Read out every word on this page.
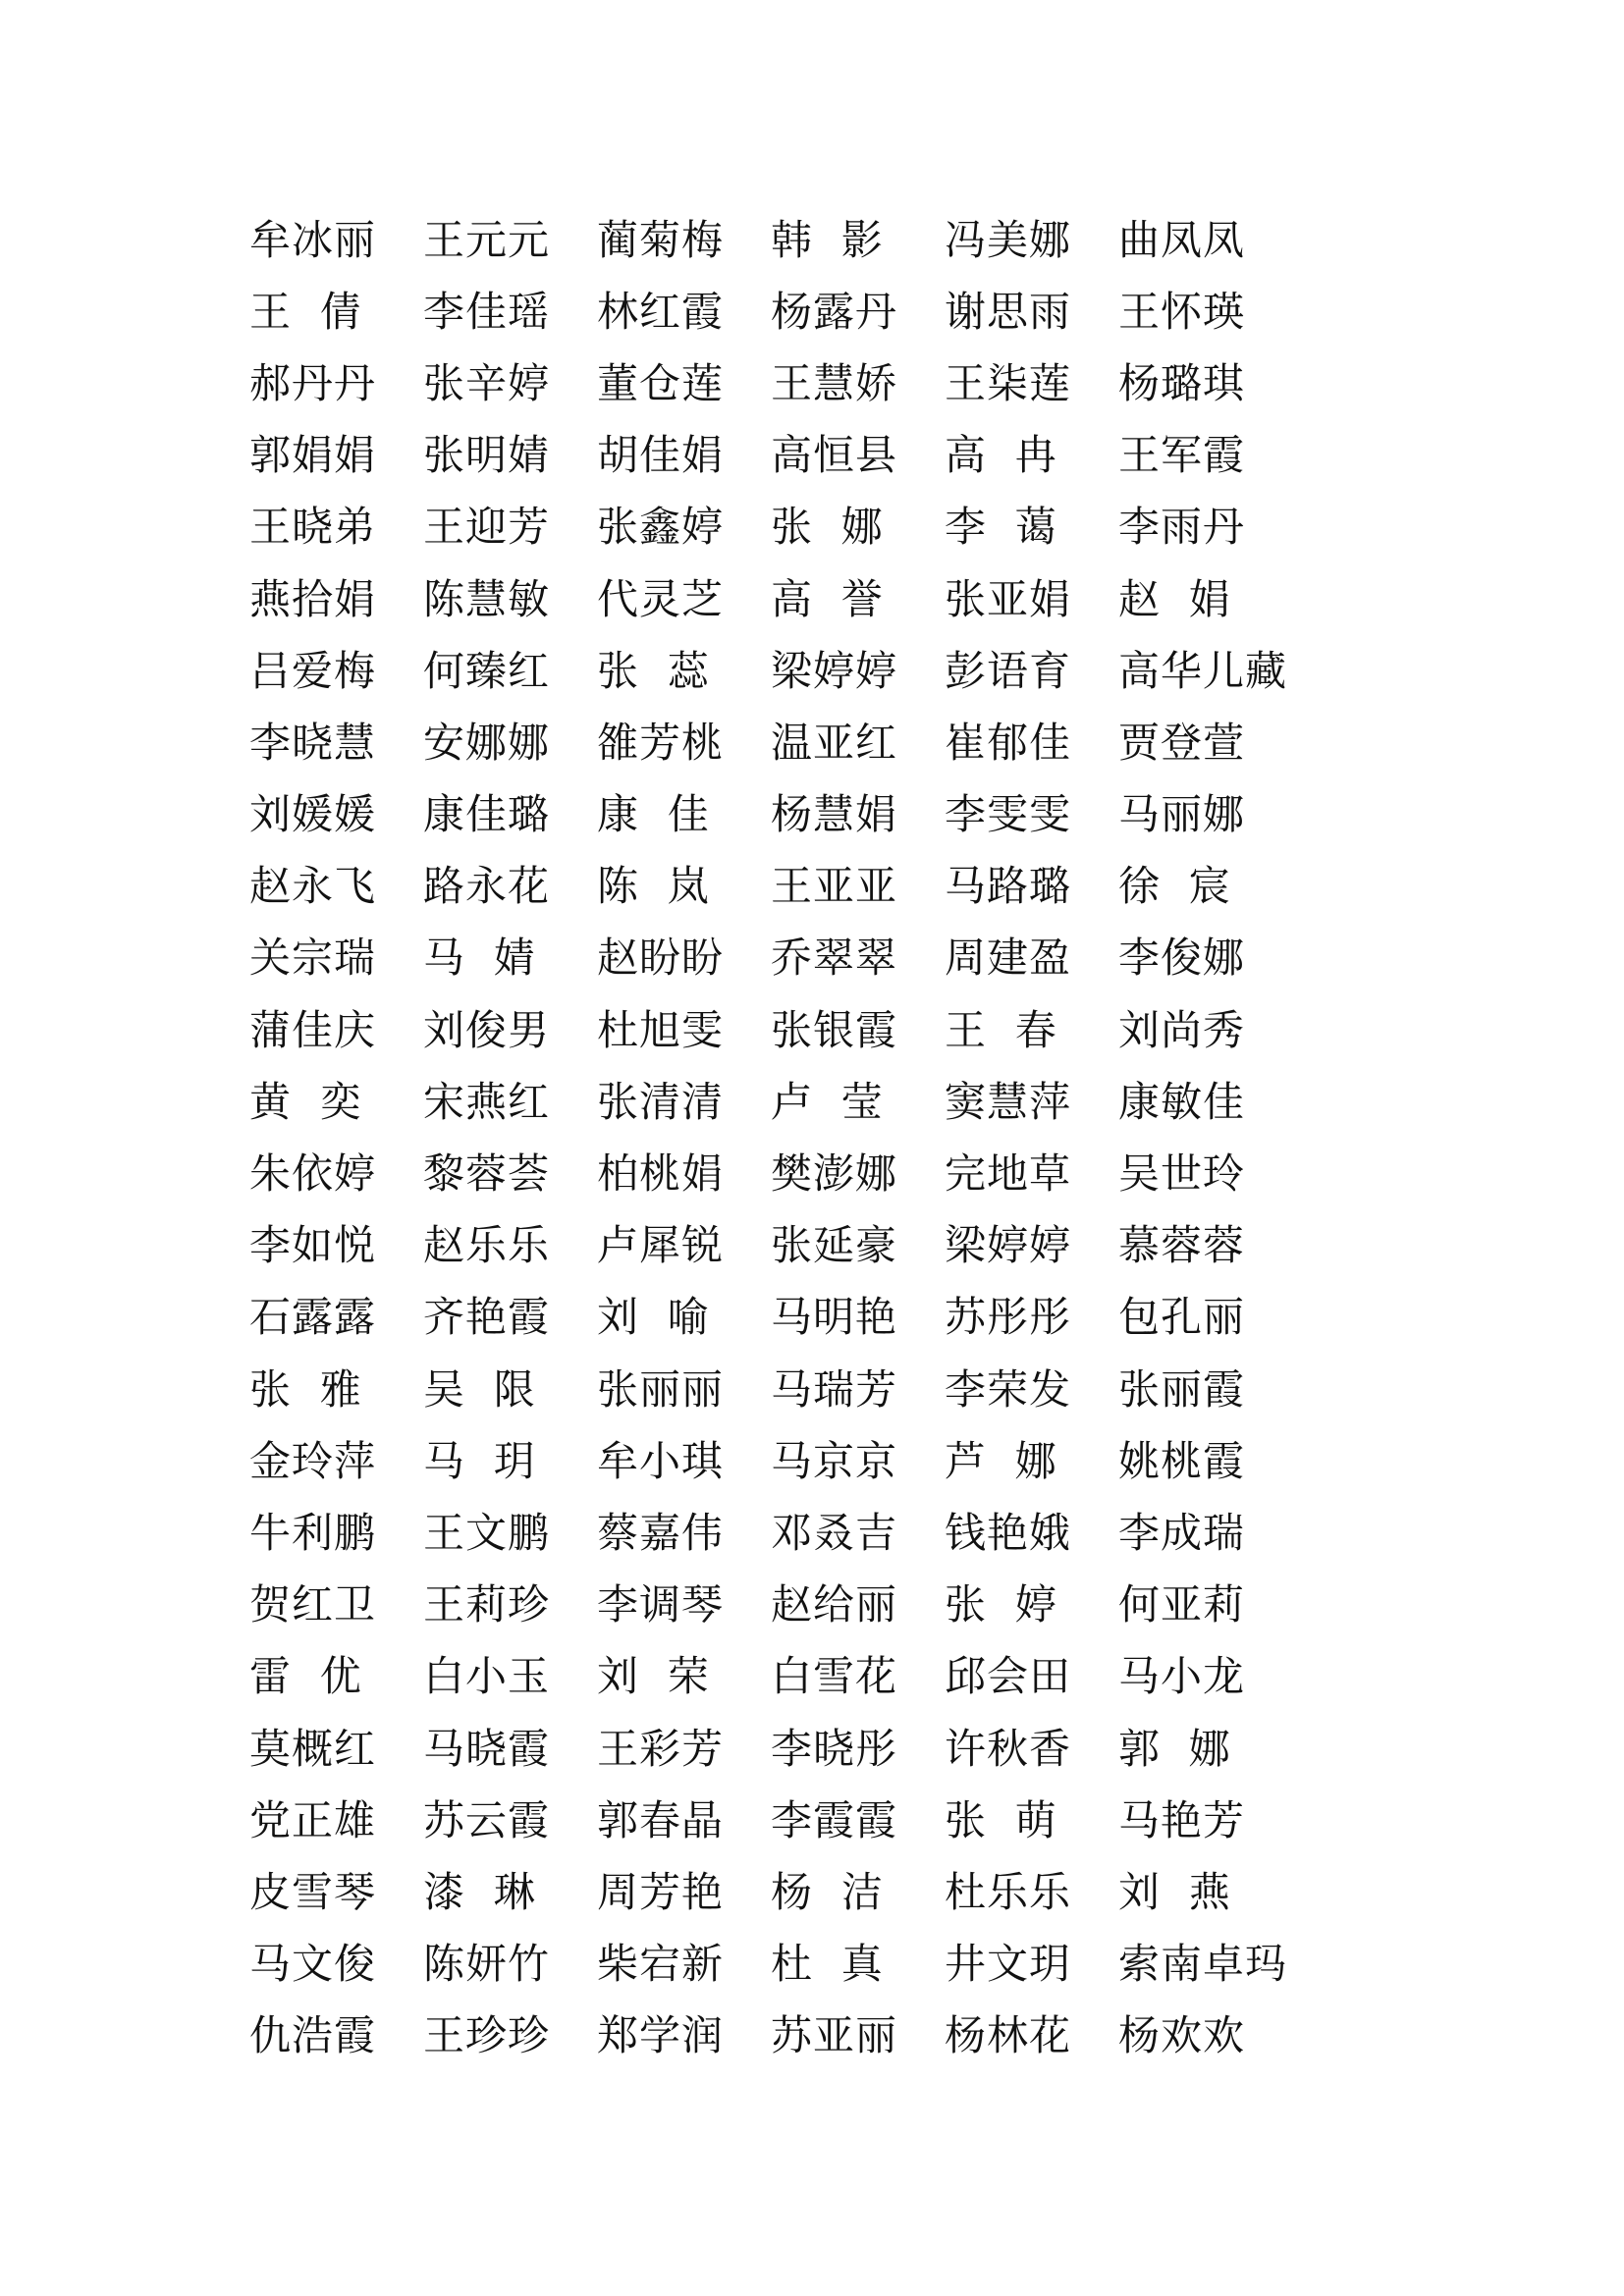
牟冰丽	王元元	蔺菊梅	韩  影	冯美娜	曲凤凤
王  倩	李佳瑶	林红霞	杨露丹	谢思雨	王怀瑛
郝丹丹	张辛婷	董仓莲	王慧娇	王柒莲	杨璐琪
郭娟娟	张明婧	胡佳娟	高恒县	高  冉	王军霞
王晓弟	王迎芳	张鑫婷	张  娜	李  蔼	李雨丹
燕拾娟	陈慧敏	代灵芝	高  誉	张亚娟	赵  娟
吕爱梅	何臻红	张  蕊	梁婷婷	彭语育	高华儿藏
李晓慧	安娜娜	雒芳桃	温亚红	崔郁佳	贾登萱
刘媛媛	康佳璐	康  佳	杨慧娟	李雯雯	马丽娜
赵永飞	路永花	陈  岚	王亚亚	马路璐	徐  宸
关宗瑞	马  婧	赵盼盼	乔翠翠	周建盈	李俊娜
蒲佳庆	刘俊男	杜旭雯	张银霞	王  春	刘尚秀
黄  奕	宋燕红	张清清	卢  莹	窦慧萍	康敏佳
朱依婷	黎蓉荟	柏桃娟	樊澎娜	完地草	吴世玲
李如悦	赵乐乐	卢犀锐	张延豪	梁婷婷	慕蓉蓉
石露露	齐艳霞	刘  喻	马明艳	苏彤彤	包孔丽
张  雅	吴  限	张丽丽	马瑞芳	李荣发	张丽霞
金玲萍	马  玥	牟小琪	马京京	芦  娜	姚桃霞
牛利鹏	王文鹏	蔡嘉伟	邓叒吉	钱艳娥	李成瑞
贺红卫	王莉珍	李调琴	赵给丽	张  婷	何亚莉
雷  优	白小玉	刘  荣	白雪花	邱会田	马小龙
莫概红	马晓霞	王彩芳	李晓彤	许秋香	郭  娜
党正雄	苏云霞	郭春晶	李霞霞	张  萌	马艳芳
皮雪琴	漆  琳	周芳艳	杨  洁	杜乐乐	刘  燕
马文俊	陈妍竹	柴宕新	杜  真	井文玥	索南卓玛
仇浩霞	王珍珍	郑学润	苏亚丽	杨林花	杨欢欢
